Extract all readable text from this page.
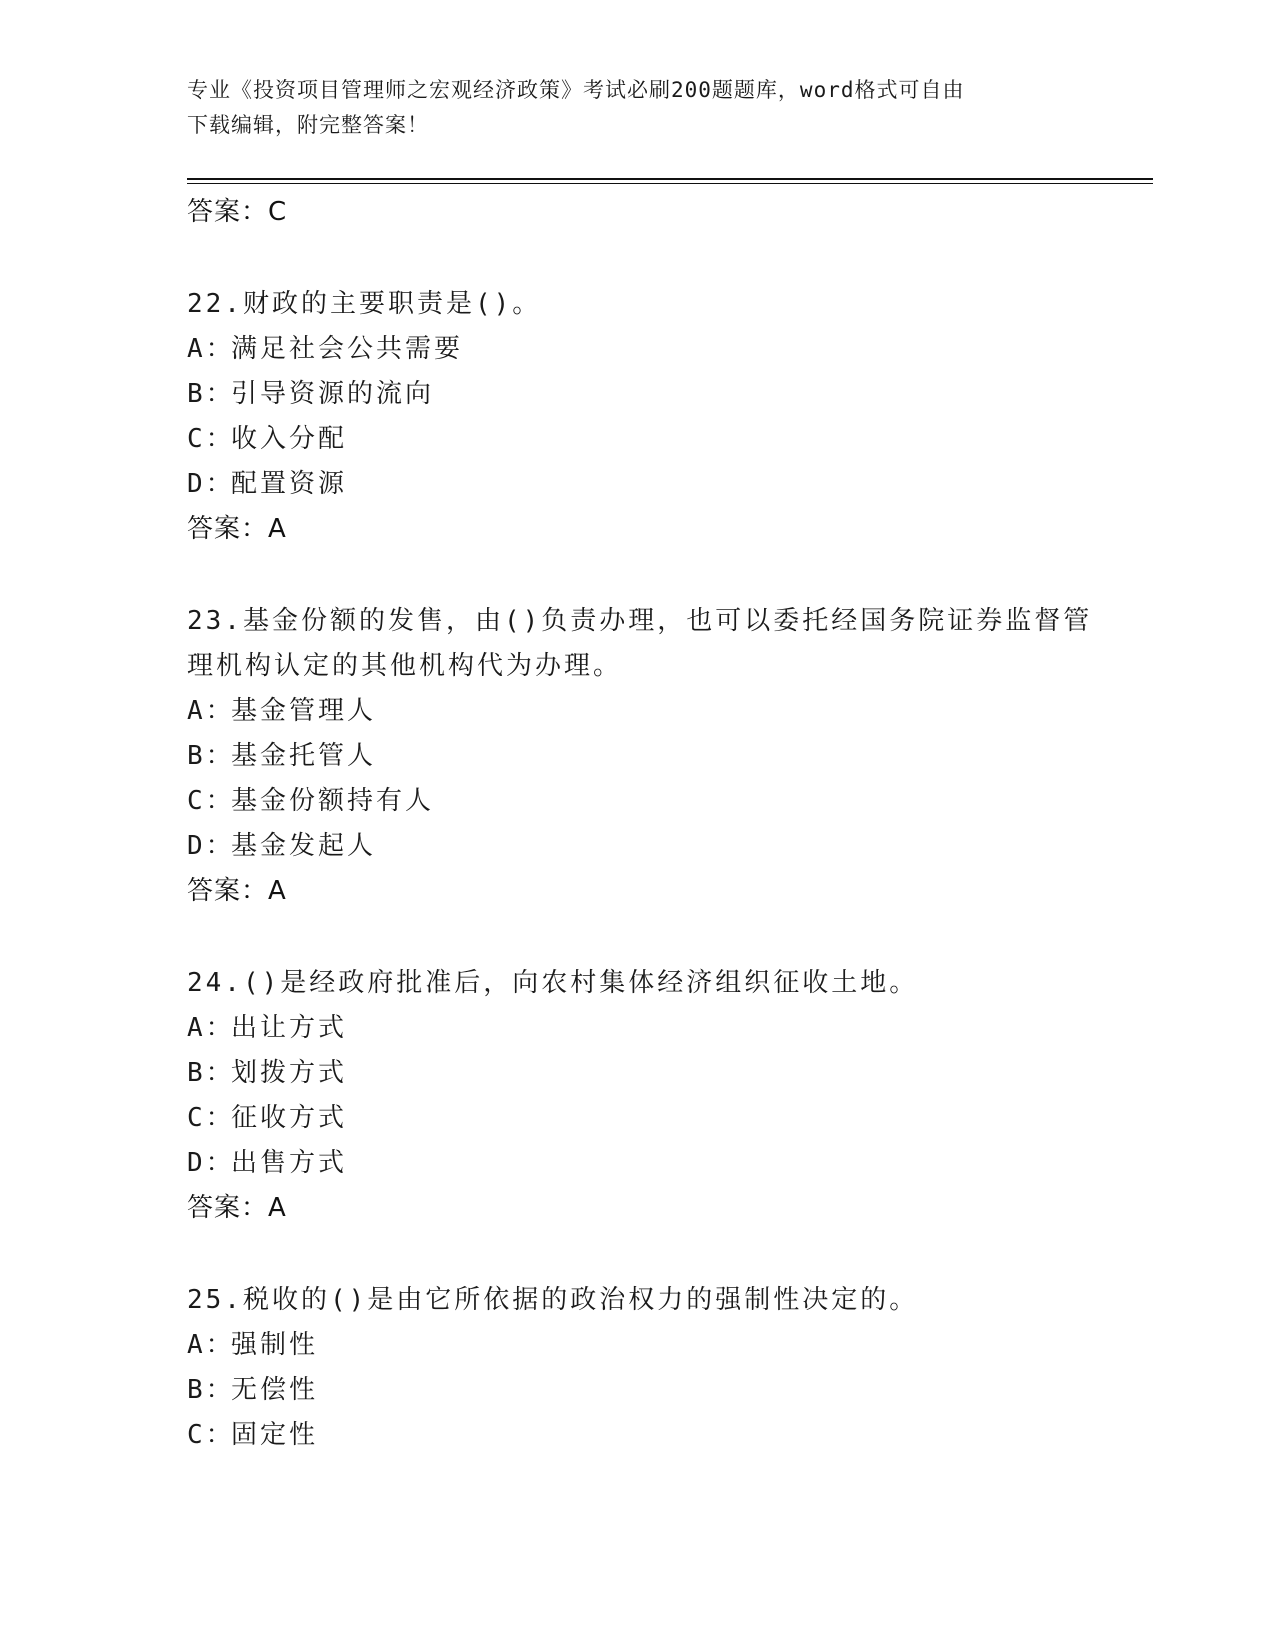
专业《投资项目管理师之宏观经济政策》考试必刷200题题库，word格式可自由
下载编辑，附完整答案！
答案：C
22.财政的主要职责是()。
A：满足社会公共需要
B：引导资源的流向
C：收入分配
D：配置资源
答案：A
23.基金份额的发售，由()负责办理，也可以委托经国务院证券监督管
理机构认定的其他机构代为办理。
A：基金管理人
B：基金托管人
C：基金份额持有人
D：基金发起人
答案：A
24.()是经政府批准后，向农村集体经济组织征收土地。
A：出让方式
B：划拨方式
C：征收方式
D：出售方式
答案：A
25.税收的()是由它所依据的政治权力的强制性决定的。
A：强制性
B：无偿性
C：固定性
